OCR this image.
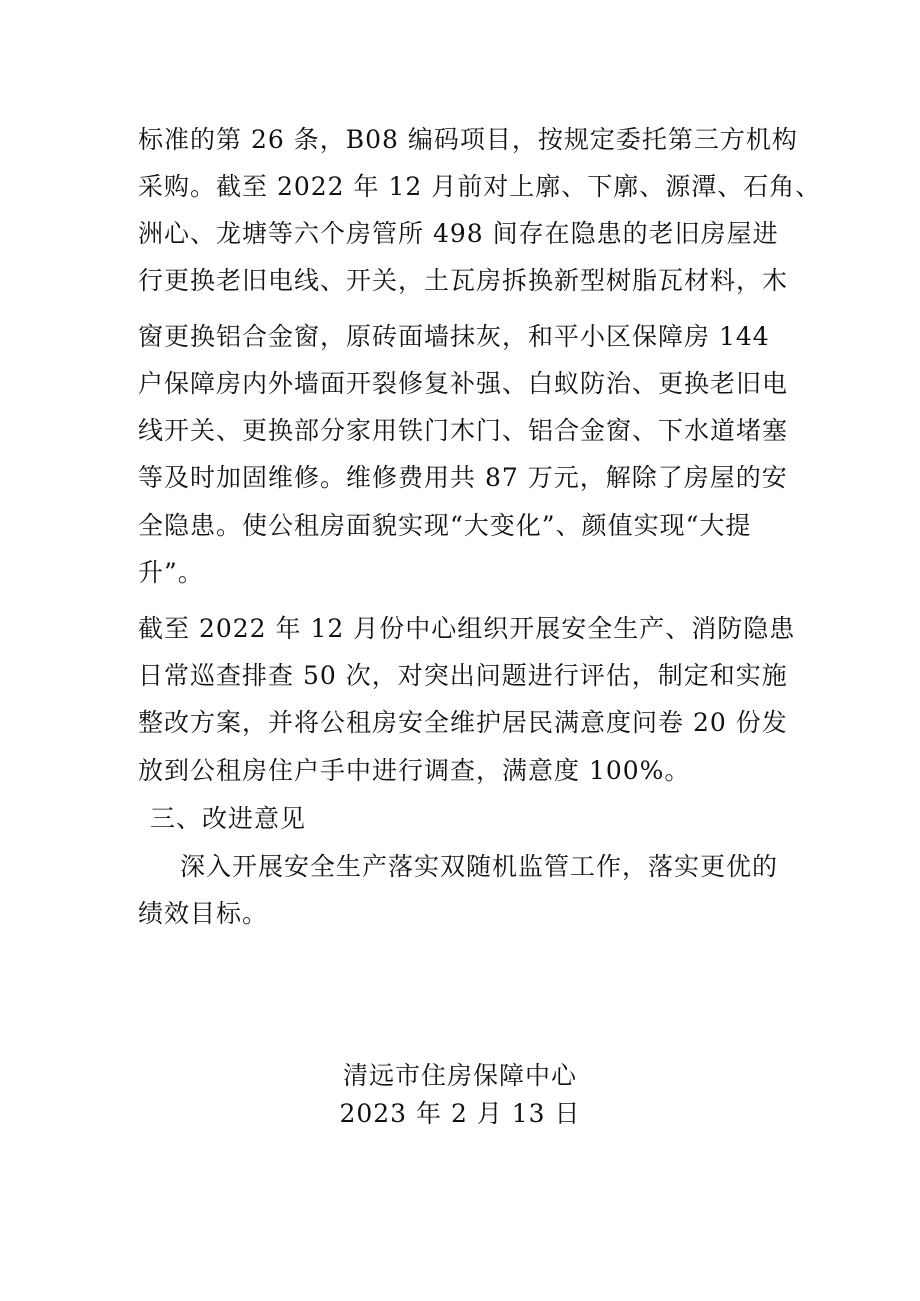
标准的第 26 条，B08 编码项目，按规定委托第三方机构
采购。截至 2022 年 12 月前对上廓、下廓、源潭、石角、
洲心、龙塘等六个房管所 498 间存在隐患的老旧房屋进
行更换老旧电线、开关，土瓦房拆换新型树脂瓦材料，木
窗更换铝合金窗，原砖面墙抹灰，和平小区保障房 144
户保障房内外墙面开裂修复补强、白蚁防治、更换老旧电
线开关、更换部分家用铁门木门、铝合金窗、下水道堵塞
等及时加固维修。维修费用共 87 万元，解除了房屋的安
全隐患。使公租房面貌实现“大变化”、颜值实现“大提
升”。
截至 2022 年 12 月份中心组织开展安全生产、消防隐患
日常巡查排查 50 次，对突出问题进行评估，制定和实施
整改方案，并将公租房安全维护居民满意度问卷 20 份发
放到公租房住户手中进行调查，满意度 100%。
三、改进意见
深入开展安全生产落实双随机监管工作，落实更优的
绩效目标。
清远市住房保障中心
2023 年 2 月 13 日
